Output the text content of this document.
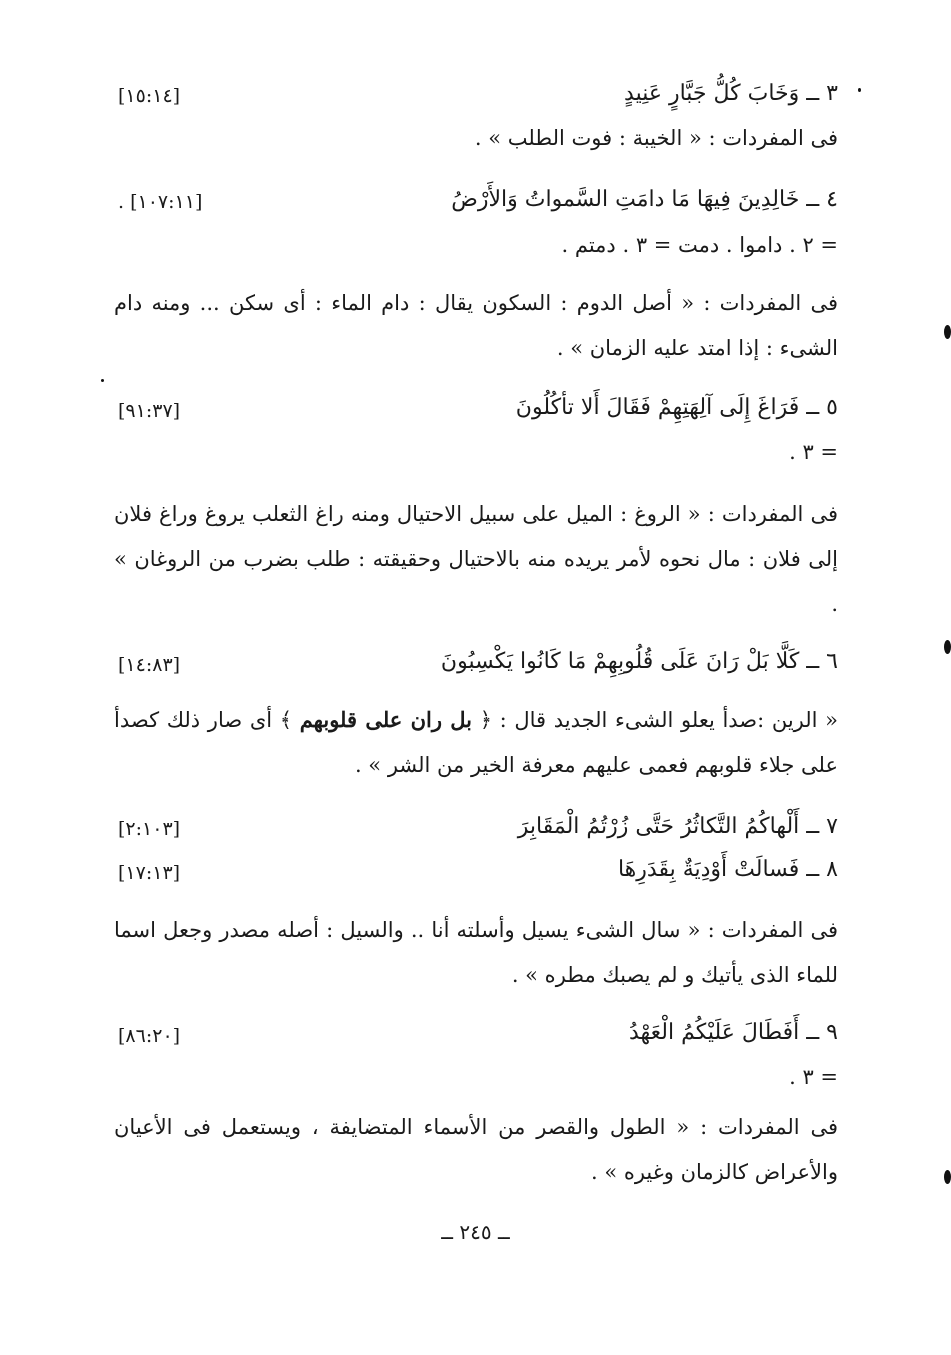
٣ ــ وَخَابَ كُلُّ جَبَّارٍ عَنِيدٍ
[١٥:١٤]
فى المفردات : « الخيبة : فوت الطلب » .
٤ ــ خَالِدِينَ فِيهَا مَا دامَتِ السَّمواتُ وَالأَرْضُ
. [١٠٧:١١]
= ٢ . داموا . دمت = ٣ . دمتم .
فى المفردات : « أصل الدوم : السكون يقال : دام الماء : أى سكن ... ومنه دام الشىء : إذا امتد عليه الزمان » .
٥ ــ فَرَاغَ إِلَى آلِهَتِهِمْ فَقَالَ أَلا تأكُلُونَ
[٩١:٣٧]
= ٣ .
فى المفردات : « الروغ : الميل على سبيل الاحتيال ومنه راغ الثعلب يروغ وراغ فلان إلى فلان : مال نحوه لأمر يريده منه بالاحتيال وحقيقته : طلب بضرب من الروغان » .
٦ ــ كَلَّا بَلْ رَانَ عَلَى قُلُوبِهِمْ مَا كَانُوا يَكْسِبُونَ
[١٤:٨٣]
« الرين :صدأ يعلو الشىء الجديد قال : ﴿ بل ران على قلوبهم ﴾ أى صار ذلك كصدأ على جلاء قلوبهم فعمى عليهم معرفة الخير من الشر » .
٧ ــ أَلْهاكُمُ التَّكاثُرُ حَتَّى زُرْتُمُ الْمَقَابِرَ
[٢:١٠٣]
٨ ــ فَسالَتْ أَوْدِيَةٌ بِقَدَرِهَا
[١٧:١٣]
فى المفردات : « سال الشىء يسيل وأسلته أنا .. والسيل : أصله مصدر وجعل اسما للماء الذى يأتيك و لم يصبك مطره » .
٩ ــ أَفَطَالَ عَلَيْكُمُ الْعَهْدُ
[٨٦:٢٠]
= ٣ .
فى المفردات : « الطول والقصر من الأسماء المتضايفة ، ويستعمل فى الأعيان والأعراض كالزمان وغيره » .
ــ ٢٤٥ ــ
